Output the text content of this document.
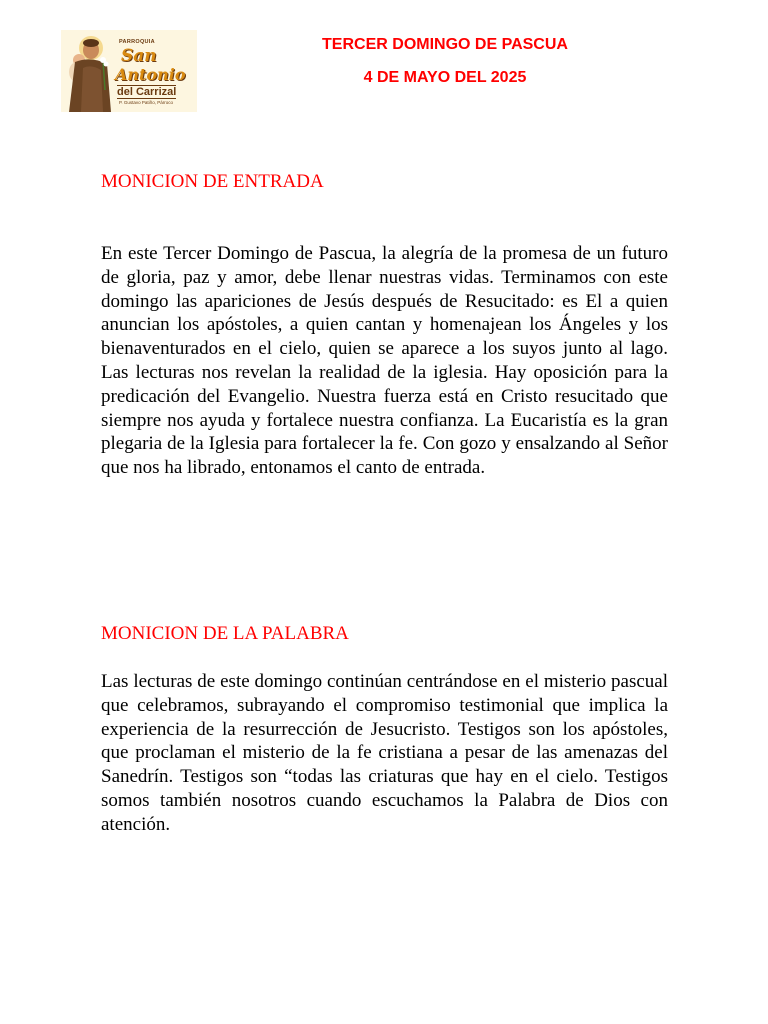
PARROQUIA
San
Antonio
del Carrizal
P. Gustavo Patiño, Párroco
TERCER DOMINGO DE PASCUA
4 DE MAYO DEL 2025
MONICION DE ENTRADA

En este Tercer Domingo de Pascua, la alegría de la promesa de un futuro de gloria, paz y amor, debe llenar nuestras vidas. Terminamos con este domingo las apariciones de Jesús después de Resucitado: es El a quien anuncian los apóstoles, a quien cantan y homenajean los Ángeles y los bienaventurados en el cielo, quien se aparece a los suyos junto al lago. Las lecturas nos revelan la realidad de la iglesia. Hay oposición para la predicación del Evangelio. Nuestra fuerza está en Cristo resucitado que siempre nos ayuda y fortalece nuestra confianza. La Eucaristía es la gran plegaria de la Iglesia para fortalecer la fe. Con gozo y ensalzando al Señor que nos ha librado, entonamos el canto de entrada.

MONICION DE LA PALABRA

Las lecturas de este domingo continúan centrándose en el misterio pascual que celebramos, subrayando el compromiso testimonial que implica la experiencia de la resurrección de Jesucristo. Testigos son los apóstoles, que proclaman el misterio de la fe cristiana a pesar de las amenazas del Sanedrín. Testigos son “todas las criaturas que hay en el cielo. Testigos somos también nosotros cuando escuchamos la Palabra de Dios con atención.
